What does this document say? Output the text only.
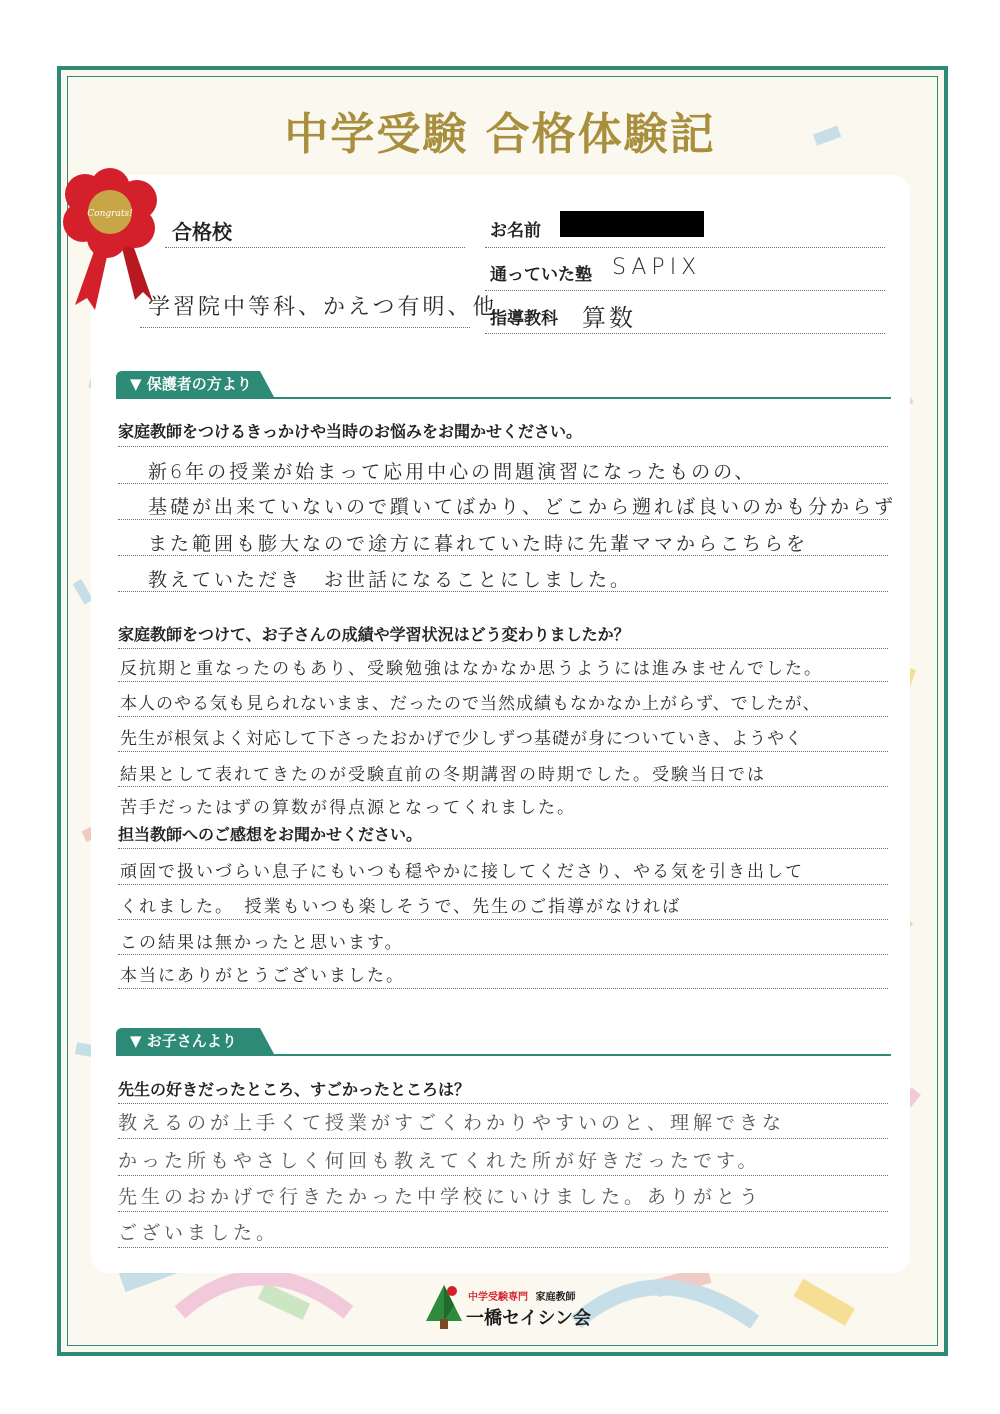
中学受験 合格体験記
Congrats!
合格校
学習院中等科、かえつ有明、他
お名前
通っていた塾 SAPIX
指導教科 算数
▼ 保護者の方より
家庭教師をつけるきっかけや当時のお悩みをお聞かせください。
新6年の授業が始まって応用中心の問題演習になったものの、
基礎が出来ていないので躓いてばかり、どこから遡れば良いのかも分からず
また範囲も膨大なので途方に暮れていた時に先輩ママからこちらを
教えていただき　お世話になることにしました。
家庭教師をつけて、お子さんの成績や学習状況はどう変わりましたか？
反抗期と重なったのもあり、受験勉強はなかなか思うようには進みませんでした。
本人のやる気も見られないまま、だったので当然成績もなかなか上がらず、でしたが、
先生が根気よく対応して下さったおかげで少しずつ基礎が身についていき、ようやく
結果として表れてきたのが受験直前の冬期講習の時期でした。受験当日では
苦手だったはずの算数が得点源となってくれました。
担当教師へのご感想をお聞かせください。
頑固で扱いづらい息子にもいつも穏やかに接してくださり、やる気を引き出して
くれました。　授業もいつも楽しそうで、先生のご指導がなければ
この結果は無かったと思います。
本当にありがとうございました。
▼ お子さんより
先生の好きだったところ、すごかったところは？
教えるのが上手くて授業がすごくわかりやすいのと、理解できな
かった所もやさしく何回も教えてくれた所が好きだったです。
先生のおかげで行きたかった中学校にいけました。ありがとう
ございました。
中学受験専門 家庭教師
一橋セイシン会
